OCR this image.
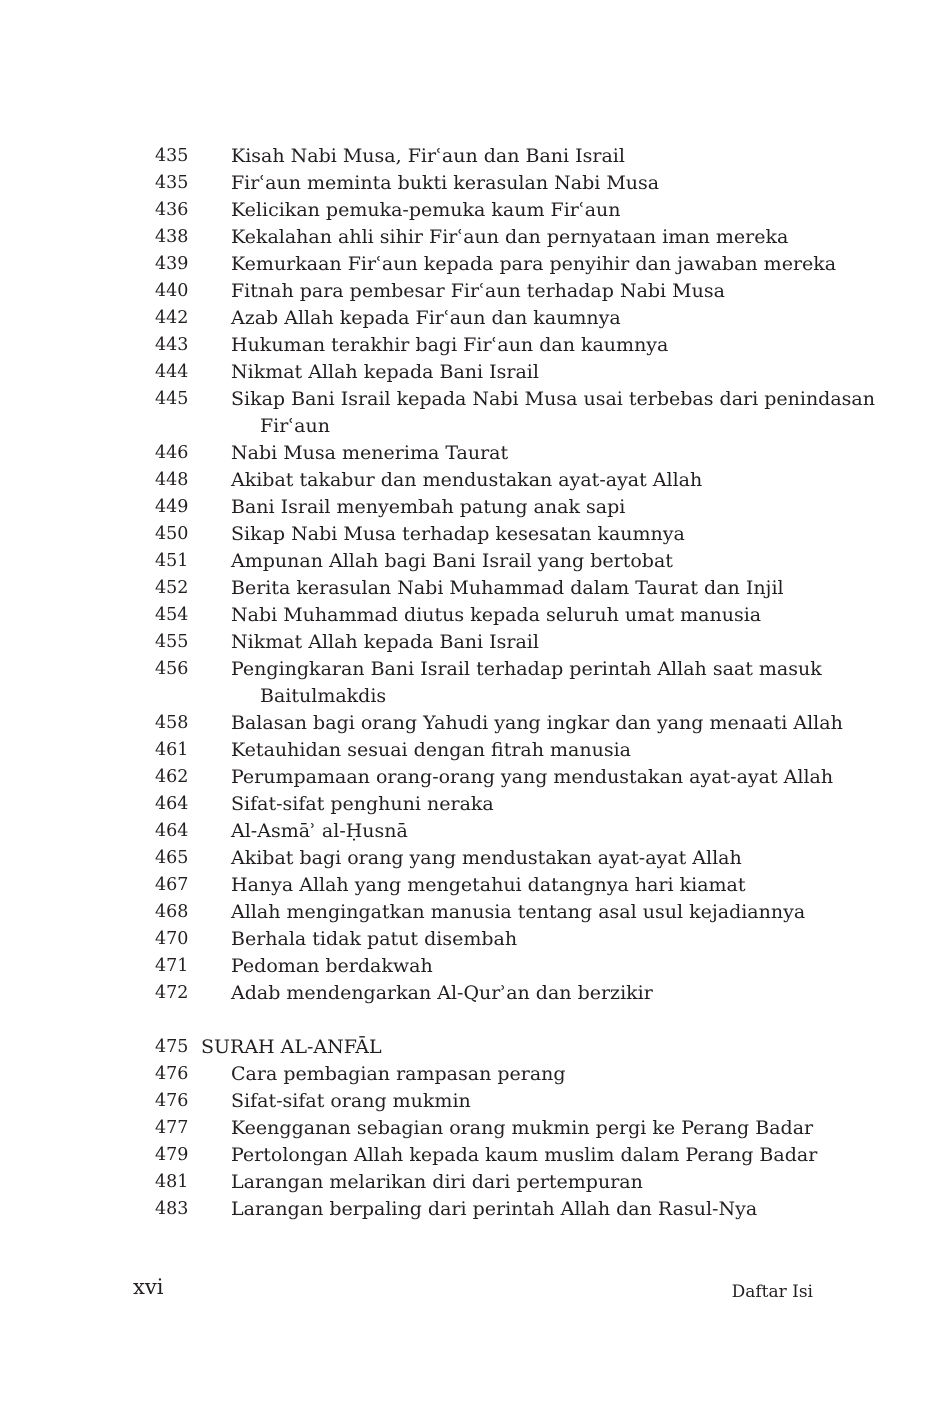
435	Kisah Nabi Musa, Firʿaun dan Bani Israil
435	Firʿaun meminta bukti kerasulan Nabi Musa
436	Kelicikan pemuka-pemuka kaum Firʿaun
438	Kekalahan ahli sihir Firʿaun dan pernyataan iman mereka
439	Kemurkaan Firʿaun kepada para penyihir dan jawaban mereka
440	Fitnah para pembesar Firʿaun terhadap Nabi Musa
442	Azab Allah kepada Firʿaun dan kaumnya
443	Hukuman terakhir bagi Firʿaun dan kaumnya
444	Nikmat Allah kepada Bani Israil
445	Sikap Bani Israil kepada Nabi Musa usai terbebas dari penindasan
Firʿaun
446	Nabi Musa menerima Taurat
448	Akibat takabur dan mendustakan ayat-ayat Allah
449	Bani Israil menyembah patung anak sapi
450	Sikap Nabi Musa terhadap kesesatan kaumnya
451	Ampunan Allah bagi Bani Israil yang bertobat
452	Berita kerasulan Nabi Muhammad dalam Taurat dan Injil
454	Nabi Muhammad diutus kepada seluruh umat manusia
455	Nikmat Allah kepada Bani Israil
456	Pengingkaran Bani Israil terhadap perintah Allah saat masuk
Baitulmakdis
458	Balasan bagi orang Yahudi yang ingkar dan yang menaati Allah
461	Ketauhidan sesuai dengan fitrah manusia
462	Perumpamaan orang-orang yang mendustakan ayat-ayat Allah
464	Sifat-sifat penghuni neraka
464	Al-Asmāʾ al-Ḥusnā
465	Akibat bagi orang yang mendustakan ayat-ayat Allah
467	Hanya Allah yang mengetahui datangnya hari kiamat
468	Allah mengingatkan manusia tentang asal usul kejadiannya
470	Berhala tidak patut disembah
471	Pedoman berdakwah
472	Adab mendengarkan Al-Qurʾan dan berzikir
475 SURAH AL-ANFĀL
476	Cara pembagian rampasan perang
476	Sifat-sifat orang mukmin
477	Keengganan sebagian orang mukmin pergi ke Perang Badar
479	Pertolongan Allah kepada kaum muslim dalam Perang Badar
481	Larangan melarikan diri dari pertempuran
483	Larangan berpaling dari perintah Allah dan Rasul-Nya
xvi	Daftar Isi
